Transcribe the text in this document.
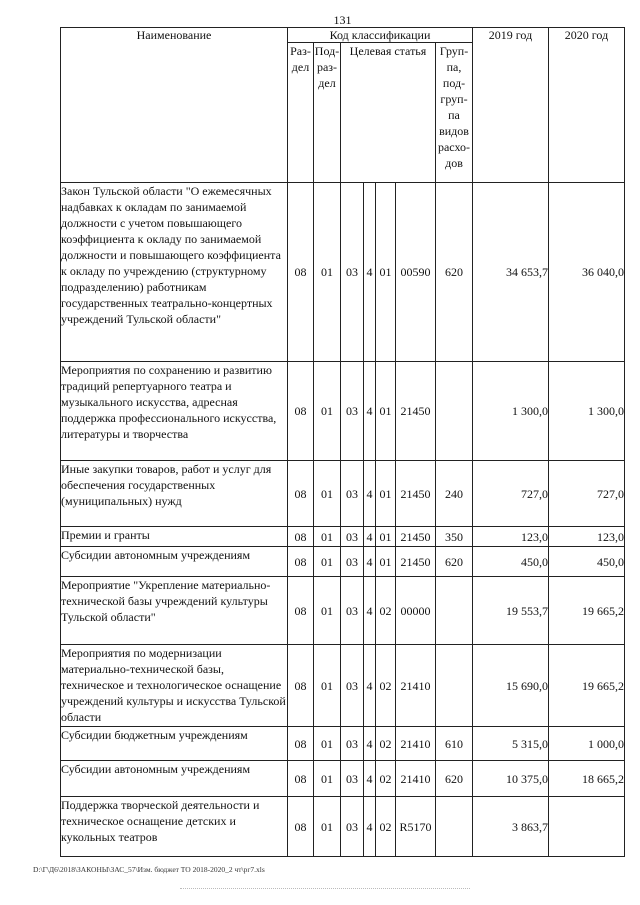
131
Наименование	Код классификации							2019 год	2020 год
	Раз-дел	Под-раз-дел	Целевая статья				Груп-па, под-груп-па видов расхо-дов		
Закон Тульской области "О ежемесячных надбавках к окладам по занимаемой должности с учетом повышающего коэффициента к окладу по занимаемой должности и повышающего коэффициента к окладу по учреждению (структурному подразделению) работникам государственных театрально-концертных учреждений Тульской области"	08	01	03	4	01	00590	620	34 653,7	36 040,0
Мероприятия по сохранению и развитию традиций репертуарного театра и музыкального искусства, адресная поддержка профессионального искусства, литературы и творчества	08	01	03	4	01	21450		1 300,0	1 300,0
Иные закупки товаров, работ и услуг для обеспечения государственных (муниципальных) нужд	08	01	03	4	01	21450	240	727,0	727,0
Премии и гранты	08	01	03	4	01	21450	350	123,0	123,0
Субсидии автономным учреждениям	08	01	03	4	01	21450	620	450,0	450,0
Мероприятие "Укрепление материально-технической базы учреждений культуры Тульской области"	08	01	03	4	02	00000		19 553,7	19 665,2
Мероприятия по модернизации материально-технической базы, техническое и технологическое оснащение учреждений культуры и искусства Тульской области	08	01	03	4	02	21410		15 690,0	19 665,2
Субсидии бюджетным учреждениям	08	01	03	4	02	21410	610	5 315,0	1 000,0
Субсидии автономным учреждениям	08	01	03	4	02	21410	620	10 375,0	18 665,2
Поддержка творческой деятельности и техническое оснащение детских и кукольных театров	08	01	03	4	02	R5170		3 863,7	
D:\Г\Д6\2018\ЗАКОНЫ\ЗАС_57\Изм. бюджет ТО 2018-2020_2 чт\рг7.xls
